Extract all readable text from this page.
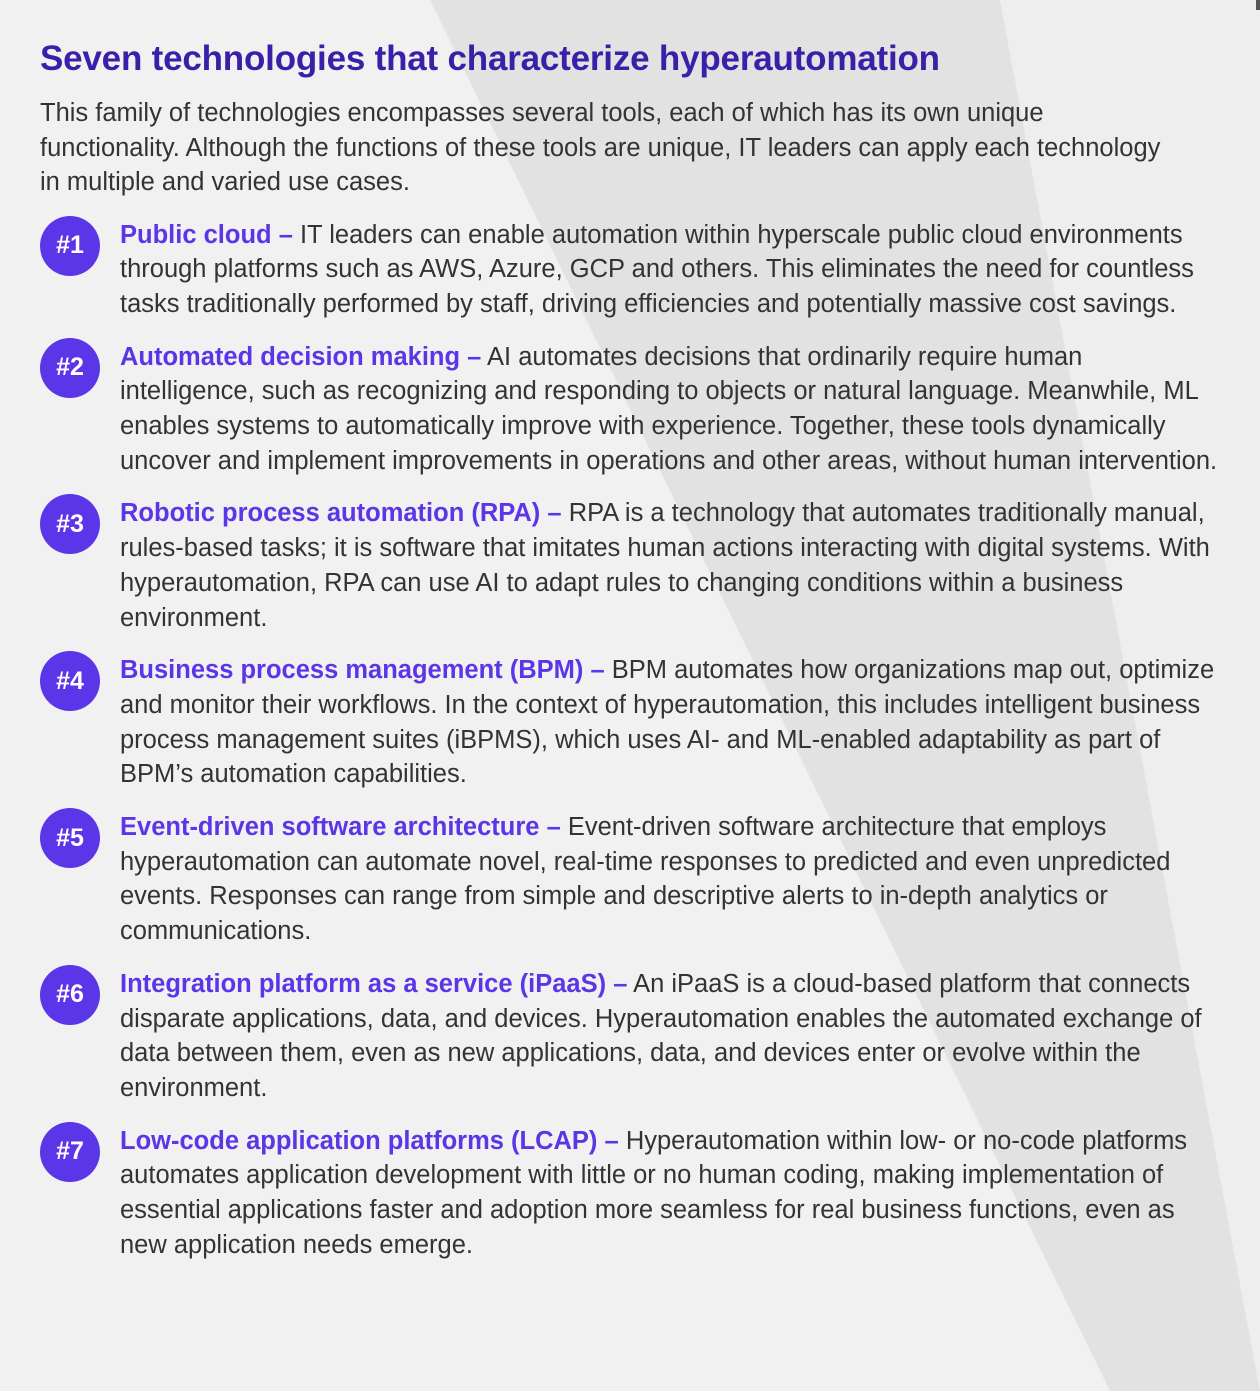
Seven technologies that characterize hyperautomation

This family of technologies encompasses several tools, each of which has its own unique functionality. Although the functions of these tools are unique, IT leaders can apply each technology in multiple and varied use cases.

#1	Public cloud – IT leaders can enable automation within hyperscale public cloud environments through platforms such as AWS, Azure, GCP and others. This eliminates the need for countless tasks traditionally performed by staff, driving efficiencies and potentially massive cost savings.
#2	Automated decision making – AI automates decisions that ordinarily require human intelligence, such as recognizing and responding to objects or natural language. Meanwhile, ML enables systems to automatically improve with experience. Together, these tools dynamically uncover and implement improvements in operations and other areas, without human intervention.
#3	Robotic process automation (RPA) – RPA is a technology that automates traditionally manual, rules-based tasks; it is software that imitates human actions interacting with digital systems. With hyperautomation, RPA can use AI to adapt rules to changing conditions within a business environment.
#4	Business process management (BPM) – BPM automates how organizations map out, optimize and monitor their workflows. In the context of hyperautomation, this includes intelligent business process management suites (iBPMS), which uses AI- and ML-enabled adaptability as part of BPM’s automation capabilities.
#5	Event-driven software architecture – Event-driven software architecture that employs hyperautomation can automate novel, real-time responses to predicted and even unpredicted events. Responses can range from simple and descriptive alerts to in-depth analytics or communications.
#6	Integration platform as a service (iPaaS) – An iPaaS is a cloud-based platform that connects disparate applications, data, and devices. Hyperautomation enables the automated exchange of data between them, even as new applications, data, and devices enter or evolve within the environment.
#7	Low-code application platforms (LCAP) – Hyperautomation within low- or no-code platforms automates application development with little or no human coding, making implementation of essential applications faster and adoption more seamless for real business functions, even as new application needs emerge.
